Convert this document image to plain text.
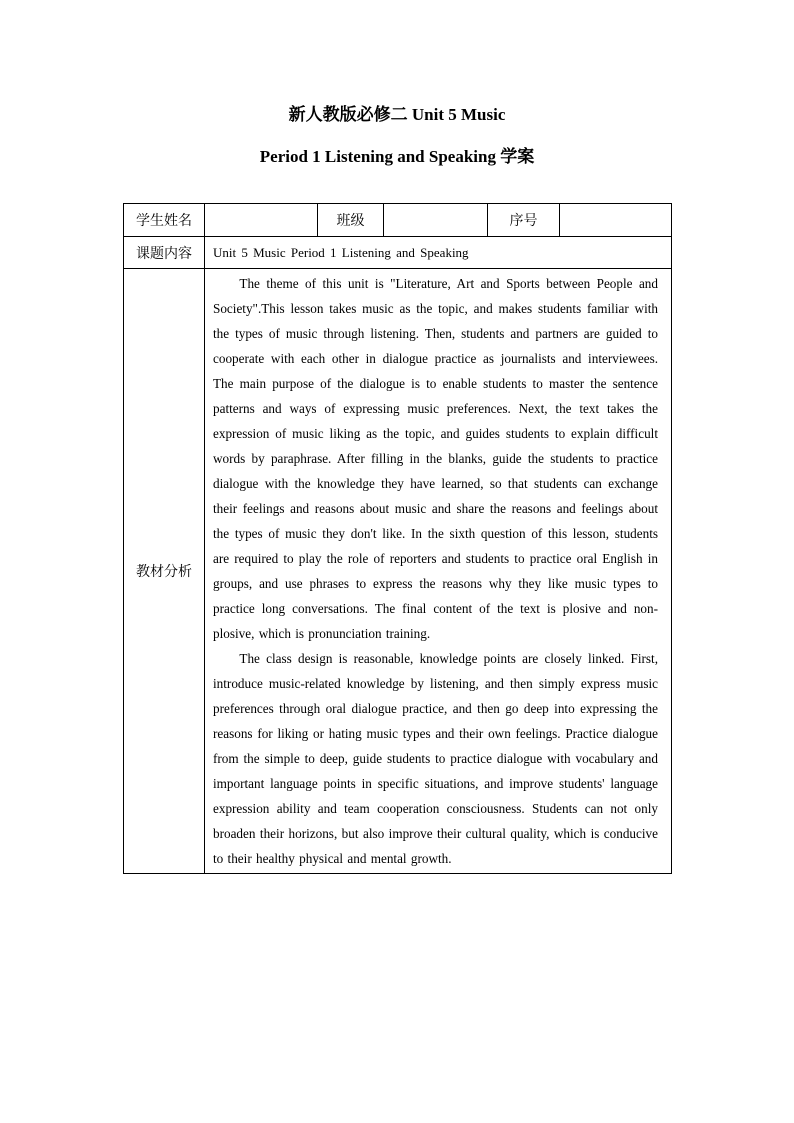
新人教版必修二 Unit 5 Music
Period 1 Listening and Speaking 学案
学生姓名		班级		序号	
课题内容	Unit 5 Music Period 1 Listening and Speaking				
教材分析	The theme of this unit is "Literature, Art and Sports between People and Society".This lesson takes music as the topic, and makes students familiar with the types of music through listening. Then, students and partners are guided to cooperate with each other in dialogue practice as journalists and interviewees. The main purpose of the dialogue is to enable students to master the sentence patterns and ways of expressing music preferences. Next, the text takes the expression of music liking as the topic, and guides students to explain difficult words by paraphrase. After filling in the blanks, guide the students to practice dialogue with the knowledge they have learned, so that students can exchange their feelings and reasons about music and share the reasons and feelings about the types of music they don't like. In the sixth question of this lesson, students are required to play the role of reporters and students to practice oral English in groups, and use phrases to express the reasons why they like music types to practice long conversations. The final content of the text is plosive and non-plosive, which is pronunciation training.

The class design is reasonable, knowledge points are closely linked. First, introduce music-related knowledge by listening, and then simply express music preferences through oral dialogue practice, and then go deep into expressing the reasons for liking or hating music types and their own feelings. Practice dialogue from the simple to deep, guide students to practice dialogue with vocabulary and important language points in specific situations, and improve students' language expression ability and team cooperation consciousness. Students can not only broaden their horizons, but also improve their cultural quality, which is conducive to their healthy physical and mental growth.				
